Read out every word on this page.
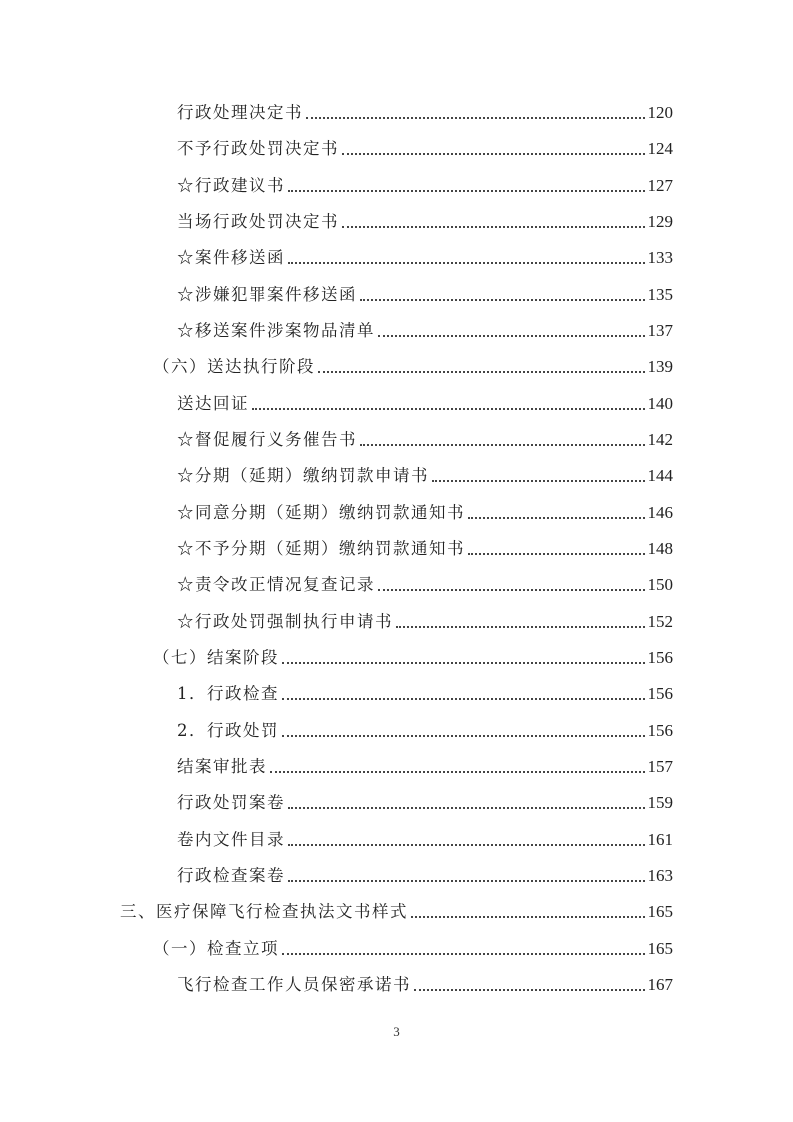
行政处理决定书	120
不予行政处罚决定书	124
☆行政建议书	127
当场行政处罚决定书	129
☆案件移送函	133
☆涉嫌犯罪案件移送函	135
☆移送案件涉案物品清单	137
（六）送达执行阶段	139
送达回证	140
☆督促履行义务催告书	142
☆分期（延期）缴纳罚款申请书	144
☆同意分期（延期）缴纳罚款通知书	146
☆不予分期（延期）缴纳罚款通知书	148
☆责令改正情况复查记录	150
☆行政处罚强制执行申请书	152
（七）结案阶段	156
1．行政检查	156
2．行政处罚	156
结案审批表	157
行政处罚案卷	159
卷内文件目录	161
行政检查案卷	163
三、医疗保障飞行检查执法文书样式	165
（一）检查立项	165
飞行检查工作人员保密承诺书	167
3
